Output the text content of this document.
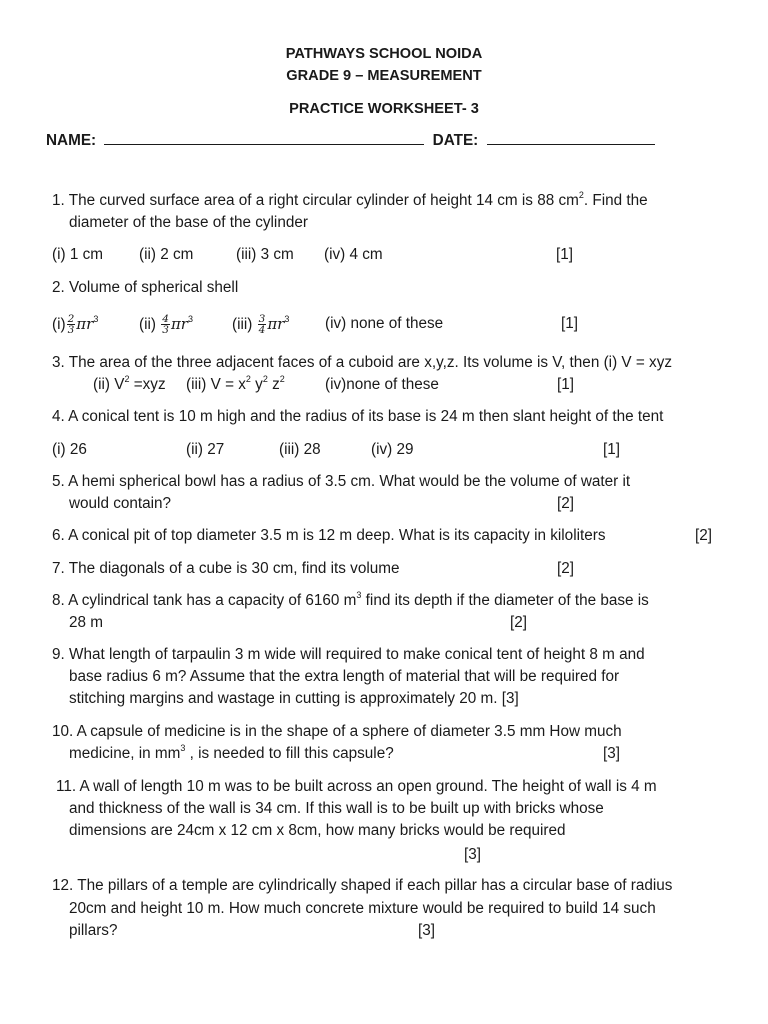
PATHWAYS SCHOOL NOIDA
GRADE 9 – MEASUREMENT
PRACTICE WORKSHEET- 3
NAME:	DATE:
1. The curved surface area of a right circular cylinder of height 14 cm is 88 $cm^2$. Find the
diameter of the base of the cylinder
(i) 1 cm (ii) 2 cm	(iii) 3 cm (iv) 4 cm	[1]
2. Volume of spherical shell
$(i) \frac{2}{3} \pi r^3$	$(ii) \frac{4}{3} \pi r^3$	$(iii) \frac{3}{4} \pi r^3$ (iv) none of these	[1]
3. The area of the three adjacent faces of a cuboid are x,y,z. Its volume is V, then (i) V = xyz
(ii) $V^2 =xyz$ (iii) $V = x^2$ $y^2$ $z^2$	(iv)none of these	[1]
4. A conical tent is 10 m high and the radius of its base is 24 m then slant height of the tent
(i) 26	(ii) 27	(iii) 28	(iv) 29	[1]
5. A hemi spherical bowl has a radius of 3.5 cm. What would be the volume of water it
would contain?	[2]
6. A conical pit of top diameter 3.5 m is 12 m deep. What is its capacity in kiloliters	[2]
7. The diagonals of a cube is 30 cm, find its volume	[2]
8. A cylindrical tank has a capacity of 6160 $m^3$ find its depth if the diameter of the base is
28 m	[2]
9. What length of tarpaulin 3 m wide will required to make conical tent of height 8 m and
base radius 6 m? Assume that the extra length of material that will be required for
stitching margins and wastage in cutting is approximately 20 m. [3]
10. A capsule of medicine is in the shape of a sphere of diameter 3.5 mm How much
medicine, in $mm^3$ , is needed to fill this capsule?	[3]
11. A wall of length 10 m was to be built across an open ground. The height of wall is 4 m
and thickness of the wall is 34 cm. If this wall is to be built up with bricks whose
dimensions are 24cm x 12 cm x 8cm, how many bricks would be required
[3]
12. The pillars of a temple are cylindrically shaped if each pillar has a circular base of radius
20cm and height 10 m. How much concrete mixture would be required to build 14 such
pillars?	[3]
